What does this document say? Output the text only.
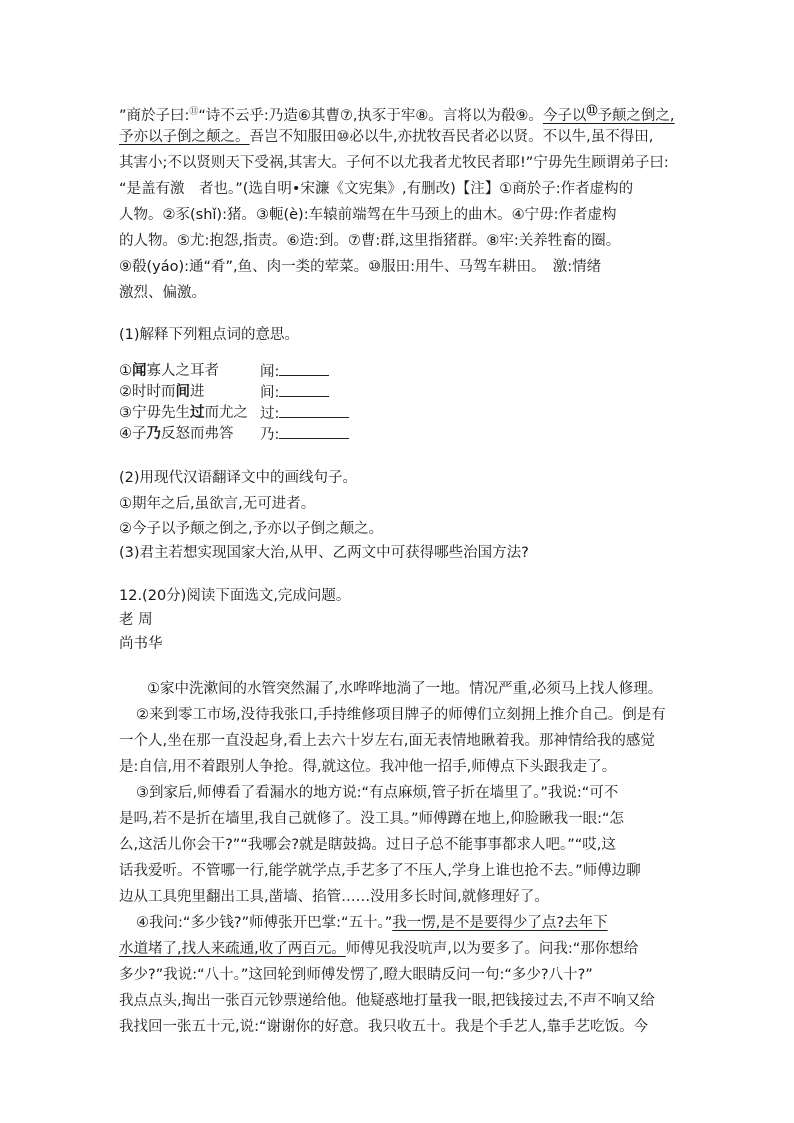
”商於子曰:⑪“诗不云乎:乃造⑥其曹⑦,执豕于牢⑧。言将以为殽⑨。今子以⑪予颠之倒之,
予亦以子倒之颠之。吾岂不知服田⑩必以牛,亦扰牧吾民者必以贤。不以牛,虽不得田,
其害小;不以贤则天下受祸,其害大。子何不以尤我者尤牧民者耶!”宁毋先生顾谓弟子曰:
“是盖有激　者也。”(选自明•宋濂《文宪集》,有删改)【注】①商於子:作者虚构的
人物。②豕(shǐ):猪。③軛(è):车辕前端驾在牛马颈上的曲木。④宁毋:作者虚构
的人物。⑤尤:抱怨,指责。⑥造:到。⑦曹:群,这里指猪群。⑧牢:关养牲畜的圈。
⑨殽(yáo):通“肴”,鱼、肉一类的荤菜。⑩服田:用牛、马驾车耕田。　激:情绪
激烈、偏激。
(1)解释下列粗点词的意思。
①闻寡人之耳者	闻:
②时时而间进	间:
③宁毋先生过而尤之 过:
④子乃反怒而弗答 乃:
(2)用现代汉语翻译文中的画线句子。
①期年之后,虽欲言,无可进者。
②今子以予颠之倒之,予亦以子倒之颠之。
(3)君主若想实现国家大治,从甲、乙两文中可获得哪些治国方法?
12.(20分)阅读下面选文,完成问题。
老 周
尚书华
①家中洗漱间的水管突然漏了,水哗哗地淌了一地。情况严重,必须马上找人修理。
②来到零工市场,没待我张口,手持维修项目牌子的师傅们立刻拥上推介自己。倒是有
一个人,坐在那一直没起身,看上去六十岁左右,面无表情地瞅着我。那神情给我的感觉
是:自信,用不着跟别人争抢。得,就这位。我冲他一招手,师傅点下头跟我走了。
③到家后,师傅看了看漏水的地方说:“有点麻烦,管子折在墙里了。”我说:“可不
是吗,若不是折在墙里,我自己就修了。没工具。”师傅蹲在地上,仰脸瞅我一眼:“怎
么,这活儿你会干?”“我哪会?就是瞎鼓捣。过日子总不能事事都求人吧。”“哎,这
话我爱听。不管哪一行,能学就学点,手艺多了不压人,学身上谁也抢不去。”师傅边聊
边从工具兜里翻出工具,凿墙、掐管……没用多长时间,就修理好了。
④我问:“多少钱?”师傅张开巴掌:“五十。”我一愣,是不是要得少了点?去年下
水道堵了,找人来疏通,收了两百元。师傅见我没吭声,以为要多了。问我:“那你想给
多少?”我说:“八十。”这回轮到师傅发愣了,瞪大眼睛反问一句:“多少?八十?”
我点点头,掏出一张百元钞票递给他。他疑惑地打量我一眼,把钱接过去,不声不响又给
我找回一张五十元,说:“谢谢你的好意。我只收五十。我是个手艺人,靠手艺吃饭。今
